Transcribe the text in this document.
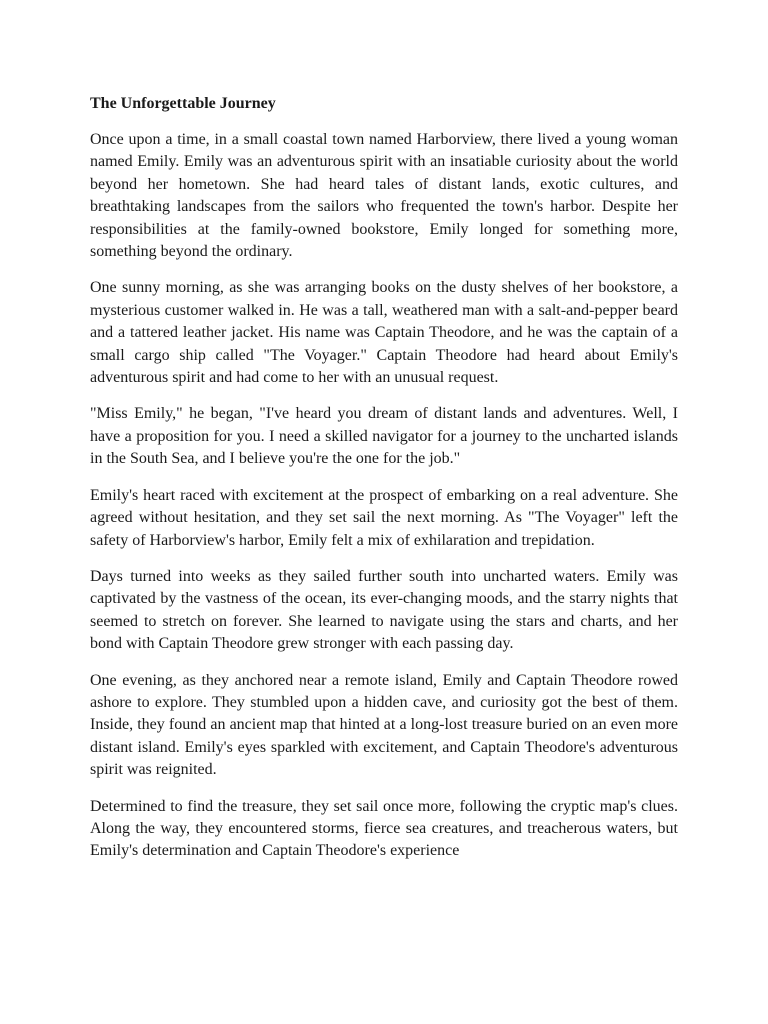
The Unforgettable Journey

Once upon a time, in a small coastal town named Harborview, there lived a young woman named Emily. Emily was an adventurous spirit with an insatiable curiosity about the world beyond her hometown. She had heard tales of distant lands, exotic cultures, and breathtaking landscapes from the sailors who frequented the town's harbor. Despite her responsibilities at the family-owned bookstore, Emily longed for something more, something beyond the ordinary.

One sunny morning, as she was arranging books on the dusty shelves of her bookstore, a mysterious customer walked in. He was a tall, weathered man with a salt-and-pepper beard and a tattered leather jacket. His name was Captain Theodore, and he was the captain of a small cargo ship called "The Voyager." Captain Theodore had heard about Emily's adventurous spirit and had come to her with an unusual request.

"Miss Emily," he began, "I've heard you dream of distant lands and adventures. Well, I have a proposition for you. I need a skilled navigator for a journey to the uncharted islands in the South Sea, and I believe you're the one for the job."

Emily's heart raced with excitement at the prospect of embarking on a real adventure. She agreed without hesitation, and they set sail the next morning. As "The Voyager" left the safety of Harborview's harbor, Emily felt a mix of exhilaration and trepidation.

Days turned into weeks as they sailed further south into uncharted waters. Emily was captivated by the vastness of the ocean, its ever-changing moods, and the starry nights that seemed to stretch on forever. She learned to navigate using the stars and charts, and her bond with Captain Theodore grew stronger with each passing day.

One evening, as they anchored near a remote island, Emily and Captain Theodore rowed ashore to explore. They stumbled upon a hidden cave, and curiosity got the best of them. Inside, they found an ancient map that hinted at a long-lost treasure buried on an even more distant island. Emily's eyes sparkled with excitement, and Captain Theodore's adventurous spirit was reignited.

Determined to find the treasure, they set sail once more, following the cryptic map's clues. Along the way, they encountered storms, fierce sea creatures, and treacherous waters, but Emily's determination and Captain Theodore's experience
